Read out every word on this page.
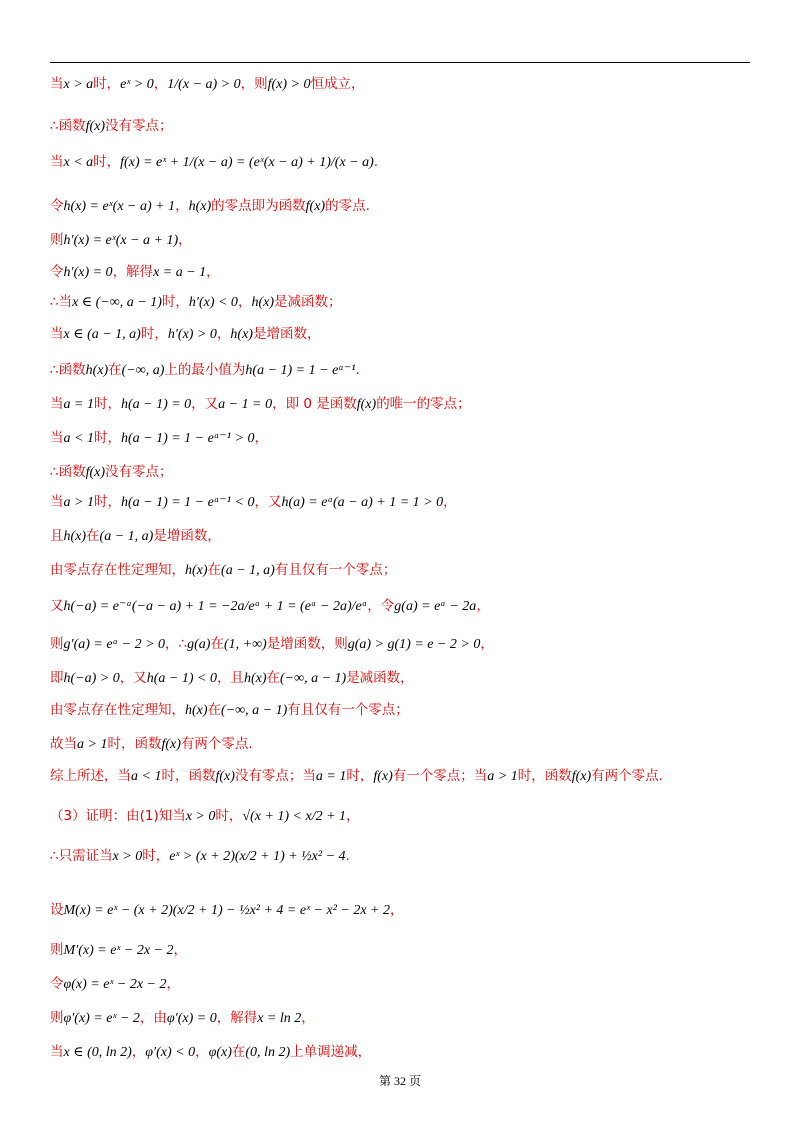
当x > a时，eˣ > 0，1/(x − a) > 0，则f(x) > 0恒成立，
∴函数f(x)没有零点；
当x < a时，f(x) = eˣ + 1/(x − a) = (eˣ(x − a) + 1)/(x − a).
令h(x) = eˣ(x − a) + 1，h(x)的零点即为函数f(x)的零点.
则h′(x) = eˣ(x − a + 1)，
令h′(x) = 0，解得x = a − 1，
∴当x ∈ (−∞, a − 1)时，h′(x) < 0，h(x)是减函数；
当x ∈ (a − 1, a)时，h′(x) > 0，h(x)是增函数，
∴函数h(x)在(−∞, a)上的最小值为h(a − 1) = 1 − eᵃ⁻¹.
当a = 1时，h(a − 1) = 0，又a − 1 = 0，即 0 是函数f(x)的唯一的零点；
当a < 1时，h(a − 1) = 1 − eᵃ⁻¹ > 0，
∴函数f(x)没有零点；
当a > 1时，h(a − 1) = 1 − eᵃ⁻¹ < 0，又h(a) = eᵃ(a − a) + 1 = 1 > 0，
且h(x)在(a − 1, a)是增函数，
由零点存在性定理知，h(x)在(a − 1, a)有且仅有一个零点；
又h(−a) = e⁻ᵃ(−a − a) + 1 = −2a/eᵃ + 1 = (eᵃ − 2a)/eᵃ，令g(a) = eᵃ − 2a，
则g′(a) = eᵃ − 2 > 0，∴g(a)在(1, +∞)是增函数，则g(a) > g(1) = e − 2 > 0，
即h(−a) > 0，又h(a − 1) < 0，且h(x)在(−∞, a − 1)是减函数，
由零点存在性定理知，h(x)在(−∞, a − 1)有且仅有一个零点；
故当a > 1时，函数f(x)有两个零点.
综上所述，当a < 1时，函数f(x)没有零点；当a = 1时，f(x)有一个零点；当a > 1时，函数f(x)有两个零点.
（3）证明：由(1)知当x > 0时，√(x + 1) < x/2 + 1，
∴只需证当x > 0时，eˣ > (x + 2)(x/2 + 1) + ½x² − 4.
设M(x) = eˣ − (x + 2)(x/2 + 1) − ½x² + 4 = eˣ − x² − 2x + 2，
则M′(x) = eˣ − 2x − 2，
令φ(x) = eˣ − 2x − 2，
则φ′(x) = eˣ − 2，由φ′(x) = 0，解得x = ln 2，
当x ∈ (0, ln 2)，φ′(x) < 0，φ(x)在(0, ln 2)上单调递减，
第 32 页
